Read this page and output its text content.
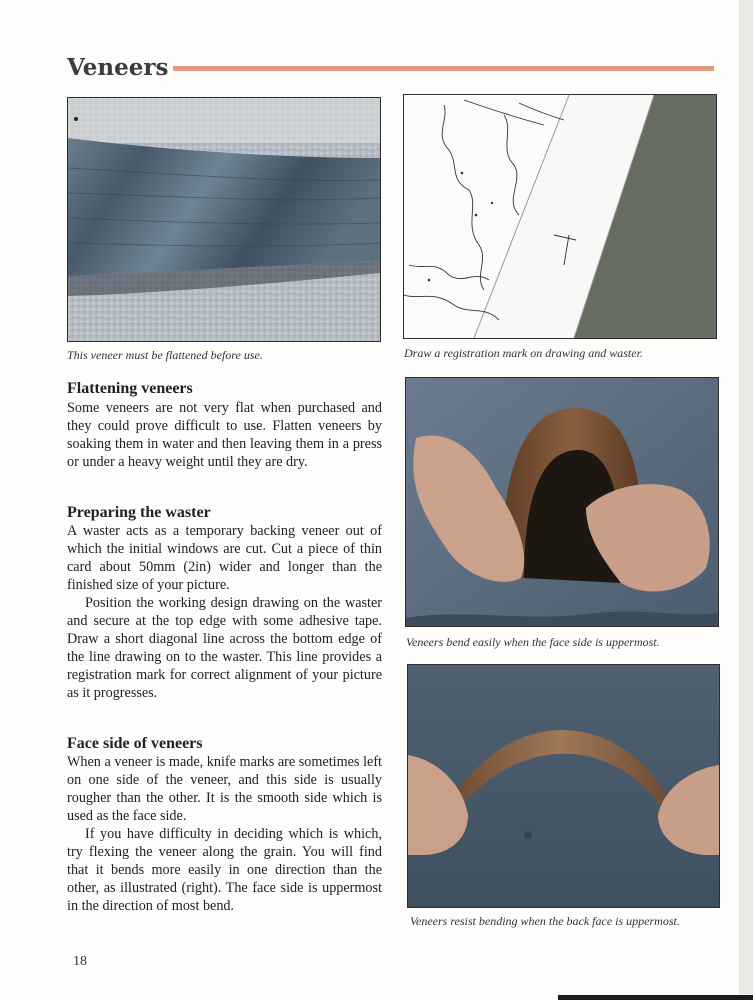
Veneers
This veneer must be flattened before use.	Draw a registration mark on drawing and waster.
Veneers bend easily when the face side is uppermost.
Veneers resist bending when the back face is uppermost.
Flattening veneers

Some veneers are not very flat when purchased and they could prove difficult to use. Flatten veneers by soaking them in water and then leaving them in a press or under a heavy weight until they are dry.

Preparing the waster

A waster acts as a temporary backing veneer out of which the initial windows are cut. Cut a piece of thin card about 50mm (2in) wider and longer than the finished size of your picture.

Position the working design drawing on the waster and secure at the top edge with some adhesive tape. Draw a short diagonal line across the bottom edge of the line drawing on to the waster. This line provides a registration mark for correct alignment of your picture as it progresses.

Face side of veneers

When a veneer is made, knife marks are sometimes left on one side of the veneer, and this side is usually rougher than the other. It is the smooth side which is used as the face side.

If you have difficulty in deciding which is which, try flexing the veneer along the grain. You will find that it bends more easily in one direction than the other, as illustrated (right). The face side is uppermost in the direction of most bend.

18
